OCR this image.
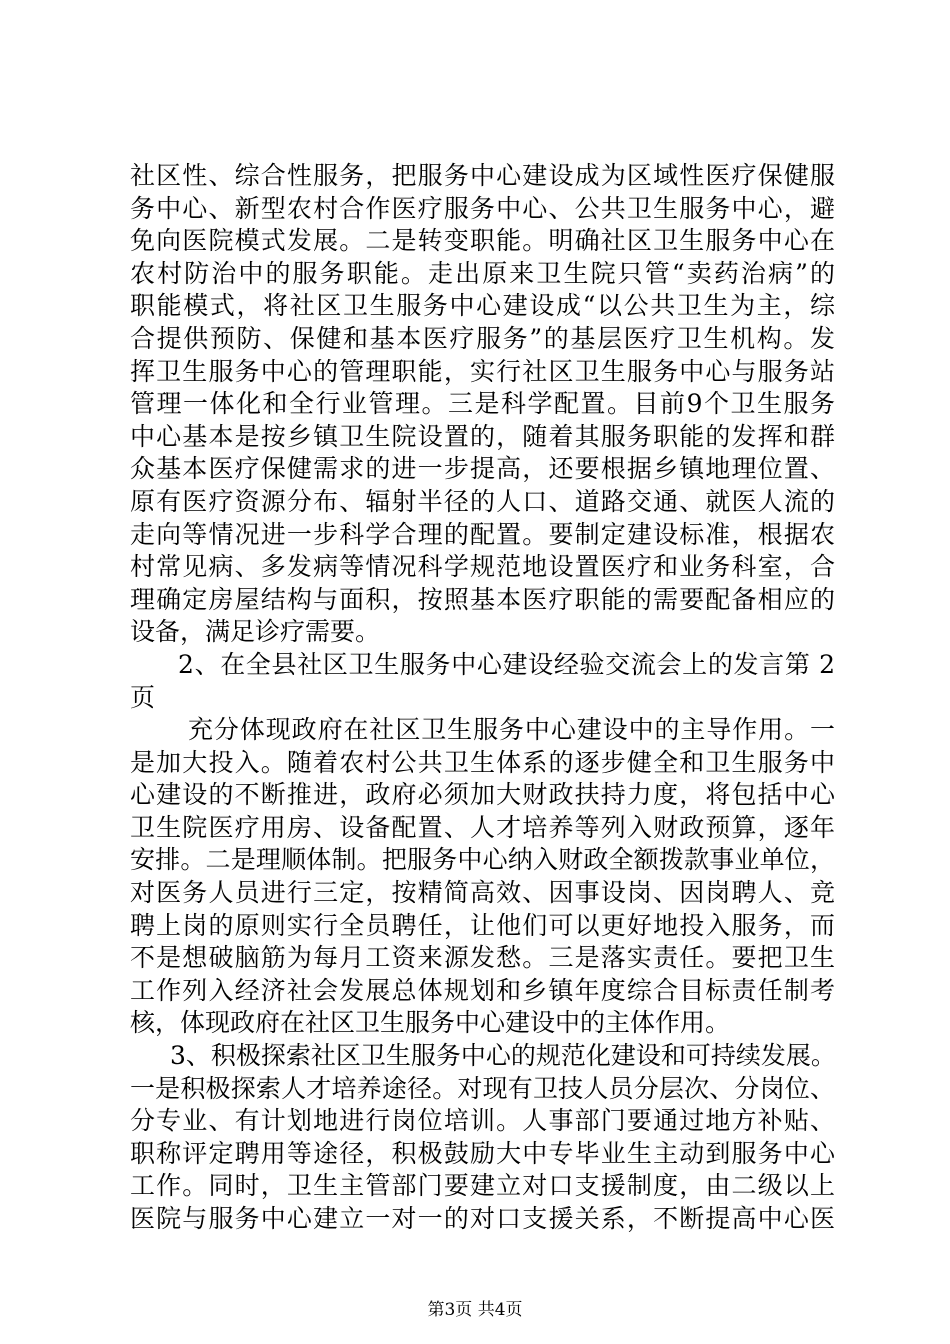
社区性、综合性服务，把服务中心建设成为区域性医疗保健服
务中心、新型农村合作医疗服务中心、公共卫生服务中心，避
免向医院模式发展。二是转变职能。明确社区卫生服务中心在
农村防治中的服务职能。走出原来卫生院只管“卖药治病”的
职能模式，将社区卫生服务中心建设成“以公共卫生为主，综
合提供预防、保健和基本医疗服务”的基层医疗卫生机构。发
挥卫生服务中心的管理职能，实行社区卫生服务中心与服务站
管理一体化和全行业管理。三是科学配置。目前9个卫生服务
中心基本是按乡镇卫生院设置的，随着其服务职能的发挥和群
众基本医疗保健需求的进一步提高，还要根据乡镇地理位置、
原有医疗资源分布、辐射半径的人口、道路交通、就医人流的
走向等情况进一步科学合理的配置。要制定建设标准，根据农
村常见病、多发病等情况科学规范地设置医疗和业务科室，合
理确定房屋结构与面积，按照基本医疗职能的需要配备相应的
设备，满足诊疗需要。
2、在全县社区卫生服务中心建设经验交流会上的发言第 2
页
充分体现政府在社区卫生服务中心建设中的主导作用。一
是加大投入。随着农村公共卫生体系的逐步健全和卫生服务中
心建设的不断推进，政府必须加大财政扶持力度，将包括中心
卫生院医疗用房、设备配置、人才培养等列入财政预算，逐年
安排。二是理顺体制。把服务中心纳入财政全额拨款事业单位，
对医务人员进行三定，按精简高效、因事设岗、因岗聘人、竞
聘上岗的原则实行全员聘任，让他们可以更好地投入服务，而
不是想破脑筋为每月工资来源发愁。三是落实责任。要把卫生
工作列入经济社会发展总体规划和乡镇年度综合目标责任制考
核，体现政府在社区卫生服务中心建设中的主体作用。
3、积极探索社区卫生服务中心的规范化建设和可持续发展。
一是积极探索人才培养途径。对现有卫技人员分层次、分岗位、
分专业、有计划地进行岗位培训。人事部门要通过地方补贴、
职称评定聘用等途径，积极鼓励大中专毕业生主动到服务中心
工作。同时，卫生主管部门要建立对口支援制度，由二级以上
医院与服务中心建立一对一的对口支援关系，不断提高中心医
第3页 共4页
